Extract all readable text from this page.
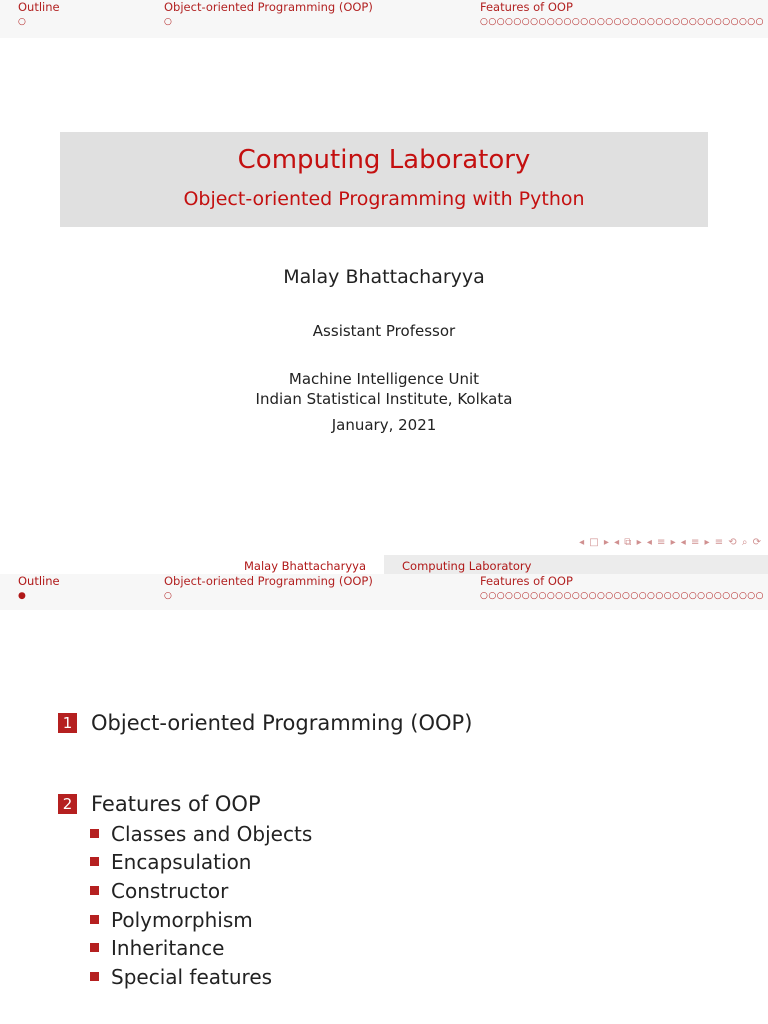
Outline
○
Object-oriented Programming (OOP)
○
Features of OOP
○○○○○○○○○○○○○○○○○○○○○○○○○○○○○○○○○○
Computing Laboratory
Object-oriented Programming with Python
Malay Bhattacharyya
Assistant Professor
Machine Intelligence Unit
Indian Statistical Institute, Kolkata
January, 2021
◂ □ ▸ ◂ ⧉ ▸ ◂ ≡ ▸ ◂ ≡ ▸ ≡ ⟲ ⌕ ⟳
Malay Bhattacharyya	Computing Laboratory
Outline
●
Object-oriented Programming (OOP)
○
Features of OOP
○○○○○○○○○○○○○○○○○○○○○○○○○○○○○○○○○○
1 Object-oriented Programming (OOP)
2 Features of OOP
Classes and Objects
Encapsulation
Constructor
Polymorphism
Inheritance
Special features
